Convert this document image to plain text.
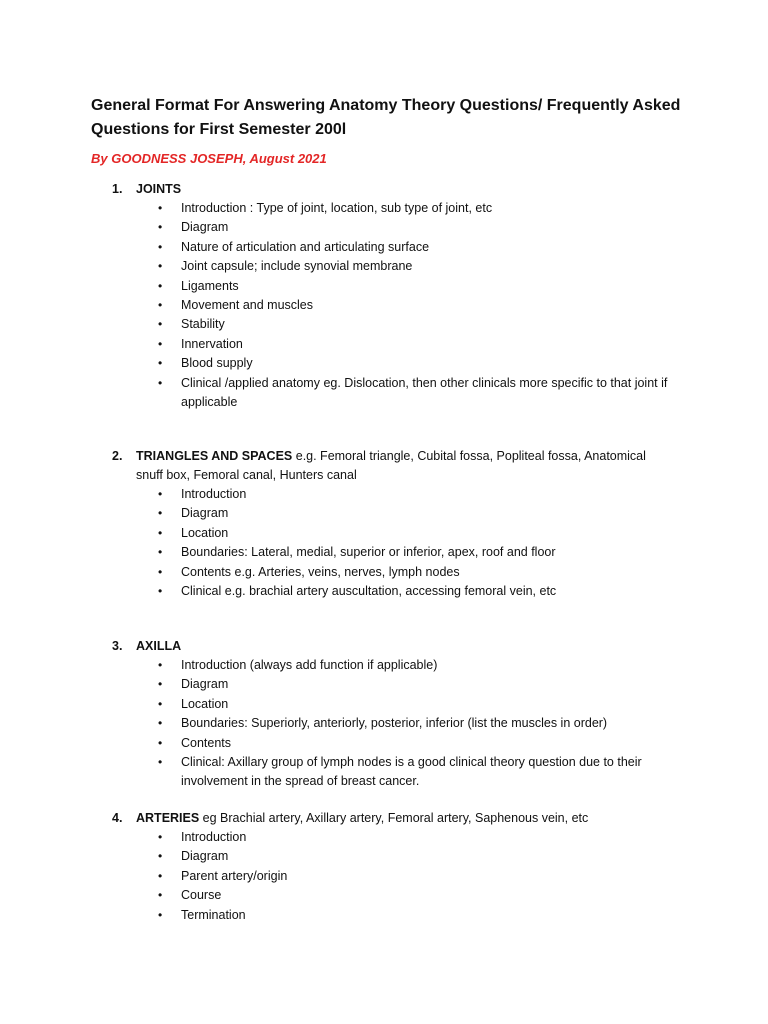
General Format For Answering Anatomy Theory Questions/ Frequently Asked Questions for First Semester 200l

By GOODNESS JOSEPH, August 2021

1.	JOINTS
• Introduction : Type of joint, location, sub type of joint, etc
• Diagram
• Nature of articulation and articulating surface
• Joint capsule; include synovial membrane
• Ligaments
• Movement and muscles
• Stability
• Innervation
• Blood supply
• Clinical /applied anatomy eg. Dislocation, then other clinicals more specific to that joint if applicable
2.	TRIANGLES AND SPACES e.g. Femoral triangle, Cubital fossa, Popliteal fossa, Anatomical snuff box, Femoral canal, Hunters canal
• Introduction
• Diagram
• Location
• Boundaries: Lateral, medial, superior or inferior, apex, roof and floor
• Contents e.g. Arteries, veins, nerves, lymph nodes
• Clinical e.g. brachial artery auscultation, accessing femoral vein, etc
3.	AXILLA
• Introduction (always add function if applicable)
• Diagram
• Location
• Boundaries: Superiorly, anteriorly, posterior, inferior (list the muscles in order)
• Contents
• Clinical: Axillary group of lymph nodes is a good clinical theory question due to their involvement in the spread of breast cancer.
4.	ARTERIES eg Brachial artery, Axillary artery, Femoral artery, Saphenous vein, etc
• Introduction
• Diagram
• Parent artery/origin
• Course
• Termination
